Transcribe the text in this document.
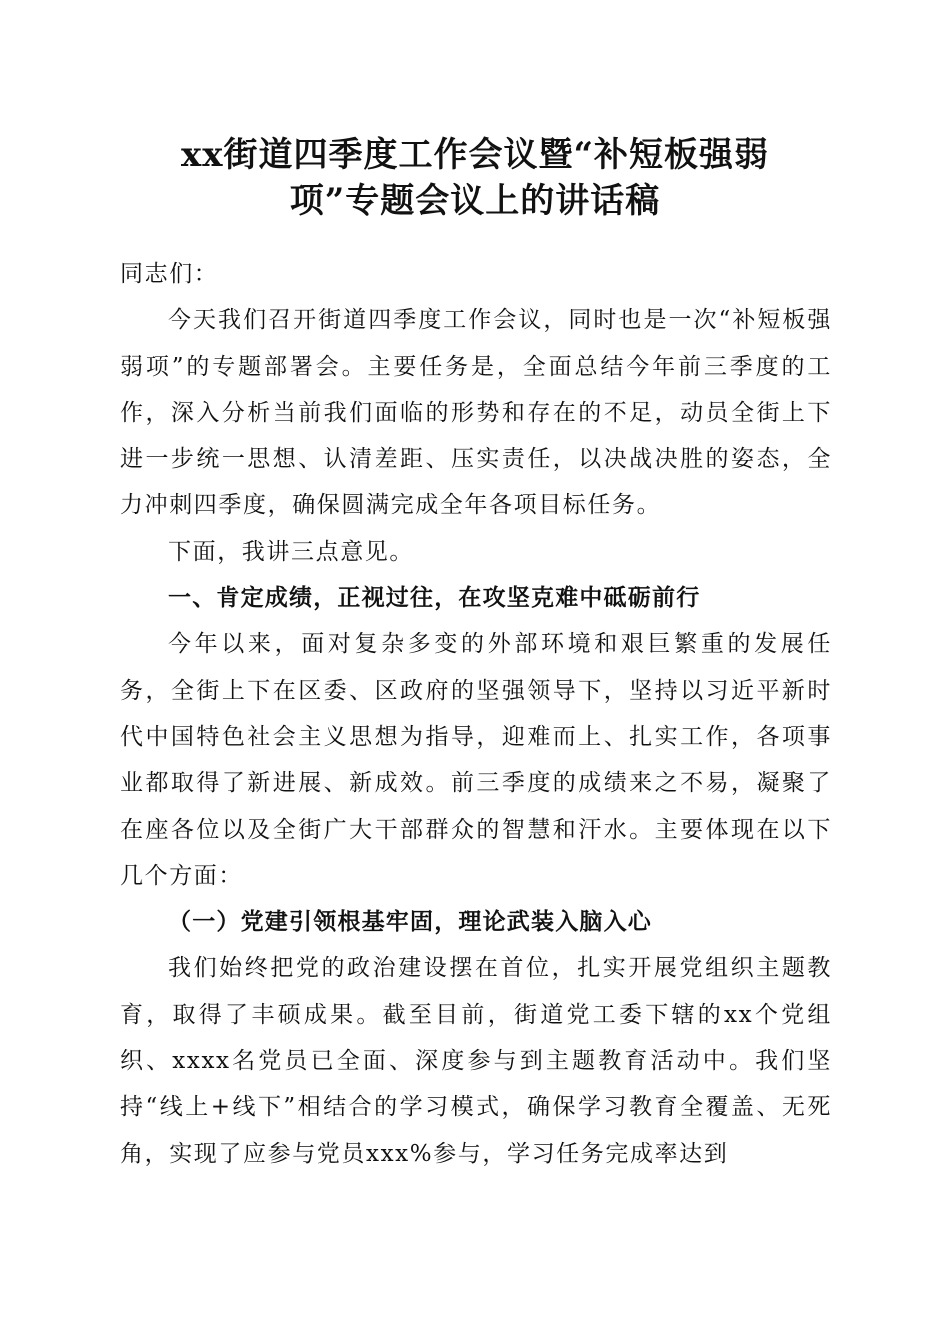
xx街道四季度工作会议暨“补短板强弱
项”专题会议上的讲话稿

同志们：

今天我们召开街道四季度工作会议，同时也是一次“补短板强弱项”的专题部署会。主要任务是，全面总结今年前三季度的工作，深入分析当前我们面临的形势和存在的不足，动员全街上下进一步统一思想、认清差距、压实责任，以决战决胜的姿态，全力冲刺四季度，确保圆满完成全年各项目标任务。

下面，我讲三点意见。

一、肯定成绩，正视过往，在攻坚克难中砥砺前行

今年以来，面对复杂多变的外部环境和艰巨繁重的发展任务，全街上下在区委、区政府的坚强领导下，坚持以习近平新时代中国特色社会主义思想为指导，迎难而上、扎实工作，各项事业都取得了新进展、新成效。前三季度的成绩来之不易，凝聚了在座各位以及全街广大干部群众的智慧和汗水。主要体现在以下几个方面：

（一）党建引领根基牢固，理论武装入脑入心

我们始终把党的政治建设摆在首位，扎实开展党组织主题教育，取得了丰硕成果。截至目前，街道党工委下辖的xx个党组织、xxxx名党员已全面、深度参与到主题教育活动中。我们坚持“线上+线下”相结合的学习模式，确保学习教育全覆盖、无死角，实现了应参与党员xxx%参与，学习任务完成率达到
